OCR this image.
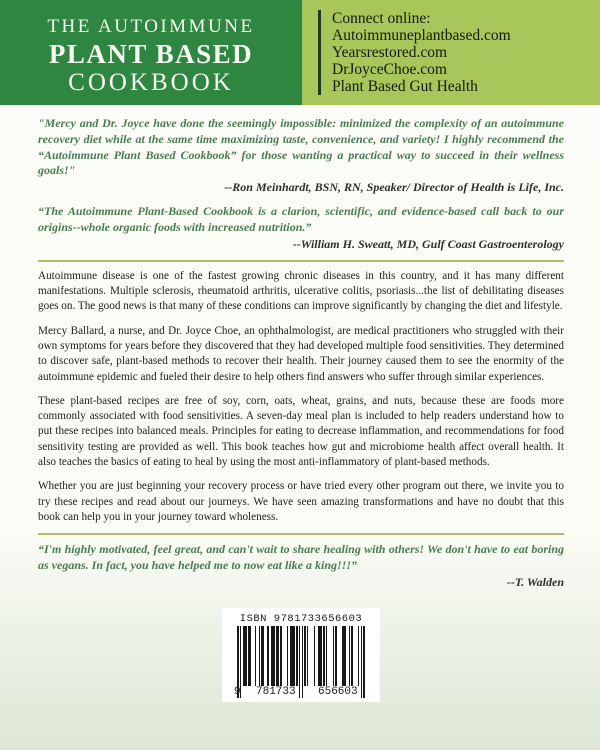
THE AUTOIMMUNE
PLANT BASED
COOKBOOK
Connect online:
Autoimmuneplantbased.com
Yearsrestored.com
DrJoyceChoe.com
Plant Based Gut Health
"Mercy and Dr. Joyce have done the seemingly impossible: minimized the complexity of an autoimmune recovery diet while at the same time maximizing taste, convenience, and variety! I highly recommend the “Autoimmune Plant Based Cookbook” for those wanting a practical way to succeed in their wellness goals!"
--Ron Meinhardt, BSN, RN, Speaker/ Director of Health is Life, Inc.
“The Autoimmune Plant-Based Cookbook is a clarion, scientific, and evidence-based call back to our origins--whole organic foods with increased nutrition.”
--William H. Sweatt, MD, Gulf Coast Gastroenterology

Autoimmune disease is one of the fastest growing chronic diseases in this country, and it has many different manifestations. Multiple sclerosis, rheumatoid arthritis, ulcerative colitis, psoriasis...the list of debilitating diseases goes on. The good news is that many of these conditions can improve significantly by changing the diet and lifestyle.

Mercy Ballard, a nurse, and Dr. Joyce Choe, an ophthalmologist, are medical practitioners who struggled with their own symptoms for years before they discovered that they had developed multiple food sensitivities. They determined to discover safe, plant-based methods to recover their health. Their journey caused them to see the enormity of the autoimmune epidemic and fueled their desire to help others find answers who suffer through similar experiences.

These plant-based recipes are free of soy, corn, oats, wheat, grains, and nuts, because these are foods more commonly associated with food sensitivities. A seven-day meal plan is included to help readers understand how to put these recipes into balanced meals. Principles for eating to decrease inflammation, and recommendations for food sensitivity testing are provided as well. This book teaches how gut and microbiome health affect overall health. It also teaches the basics of eating to heal by using the most anti-inflammatory of plant-based methods.

Whether you are just beginning your recovery process or have tried every other program out there, we invite you to try these recipes and read about our journeys. We have seen amazing transformations and have no doubt that this book can help you in your journey toward wholeness.

“I'm highly motivated, feel great, and can't wait to share healing with others! We don't have to eat boring as vegans. In fact, you have helped me to now eat like a king!!!”
--T. Walden
ISBN 9781733656603
9 781733 656603
